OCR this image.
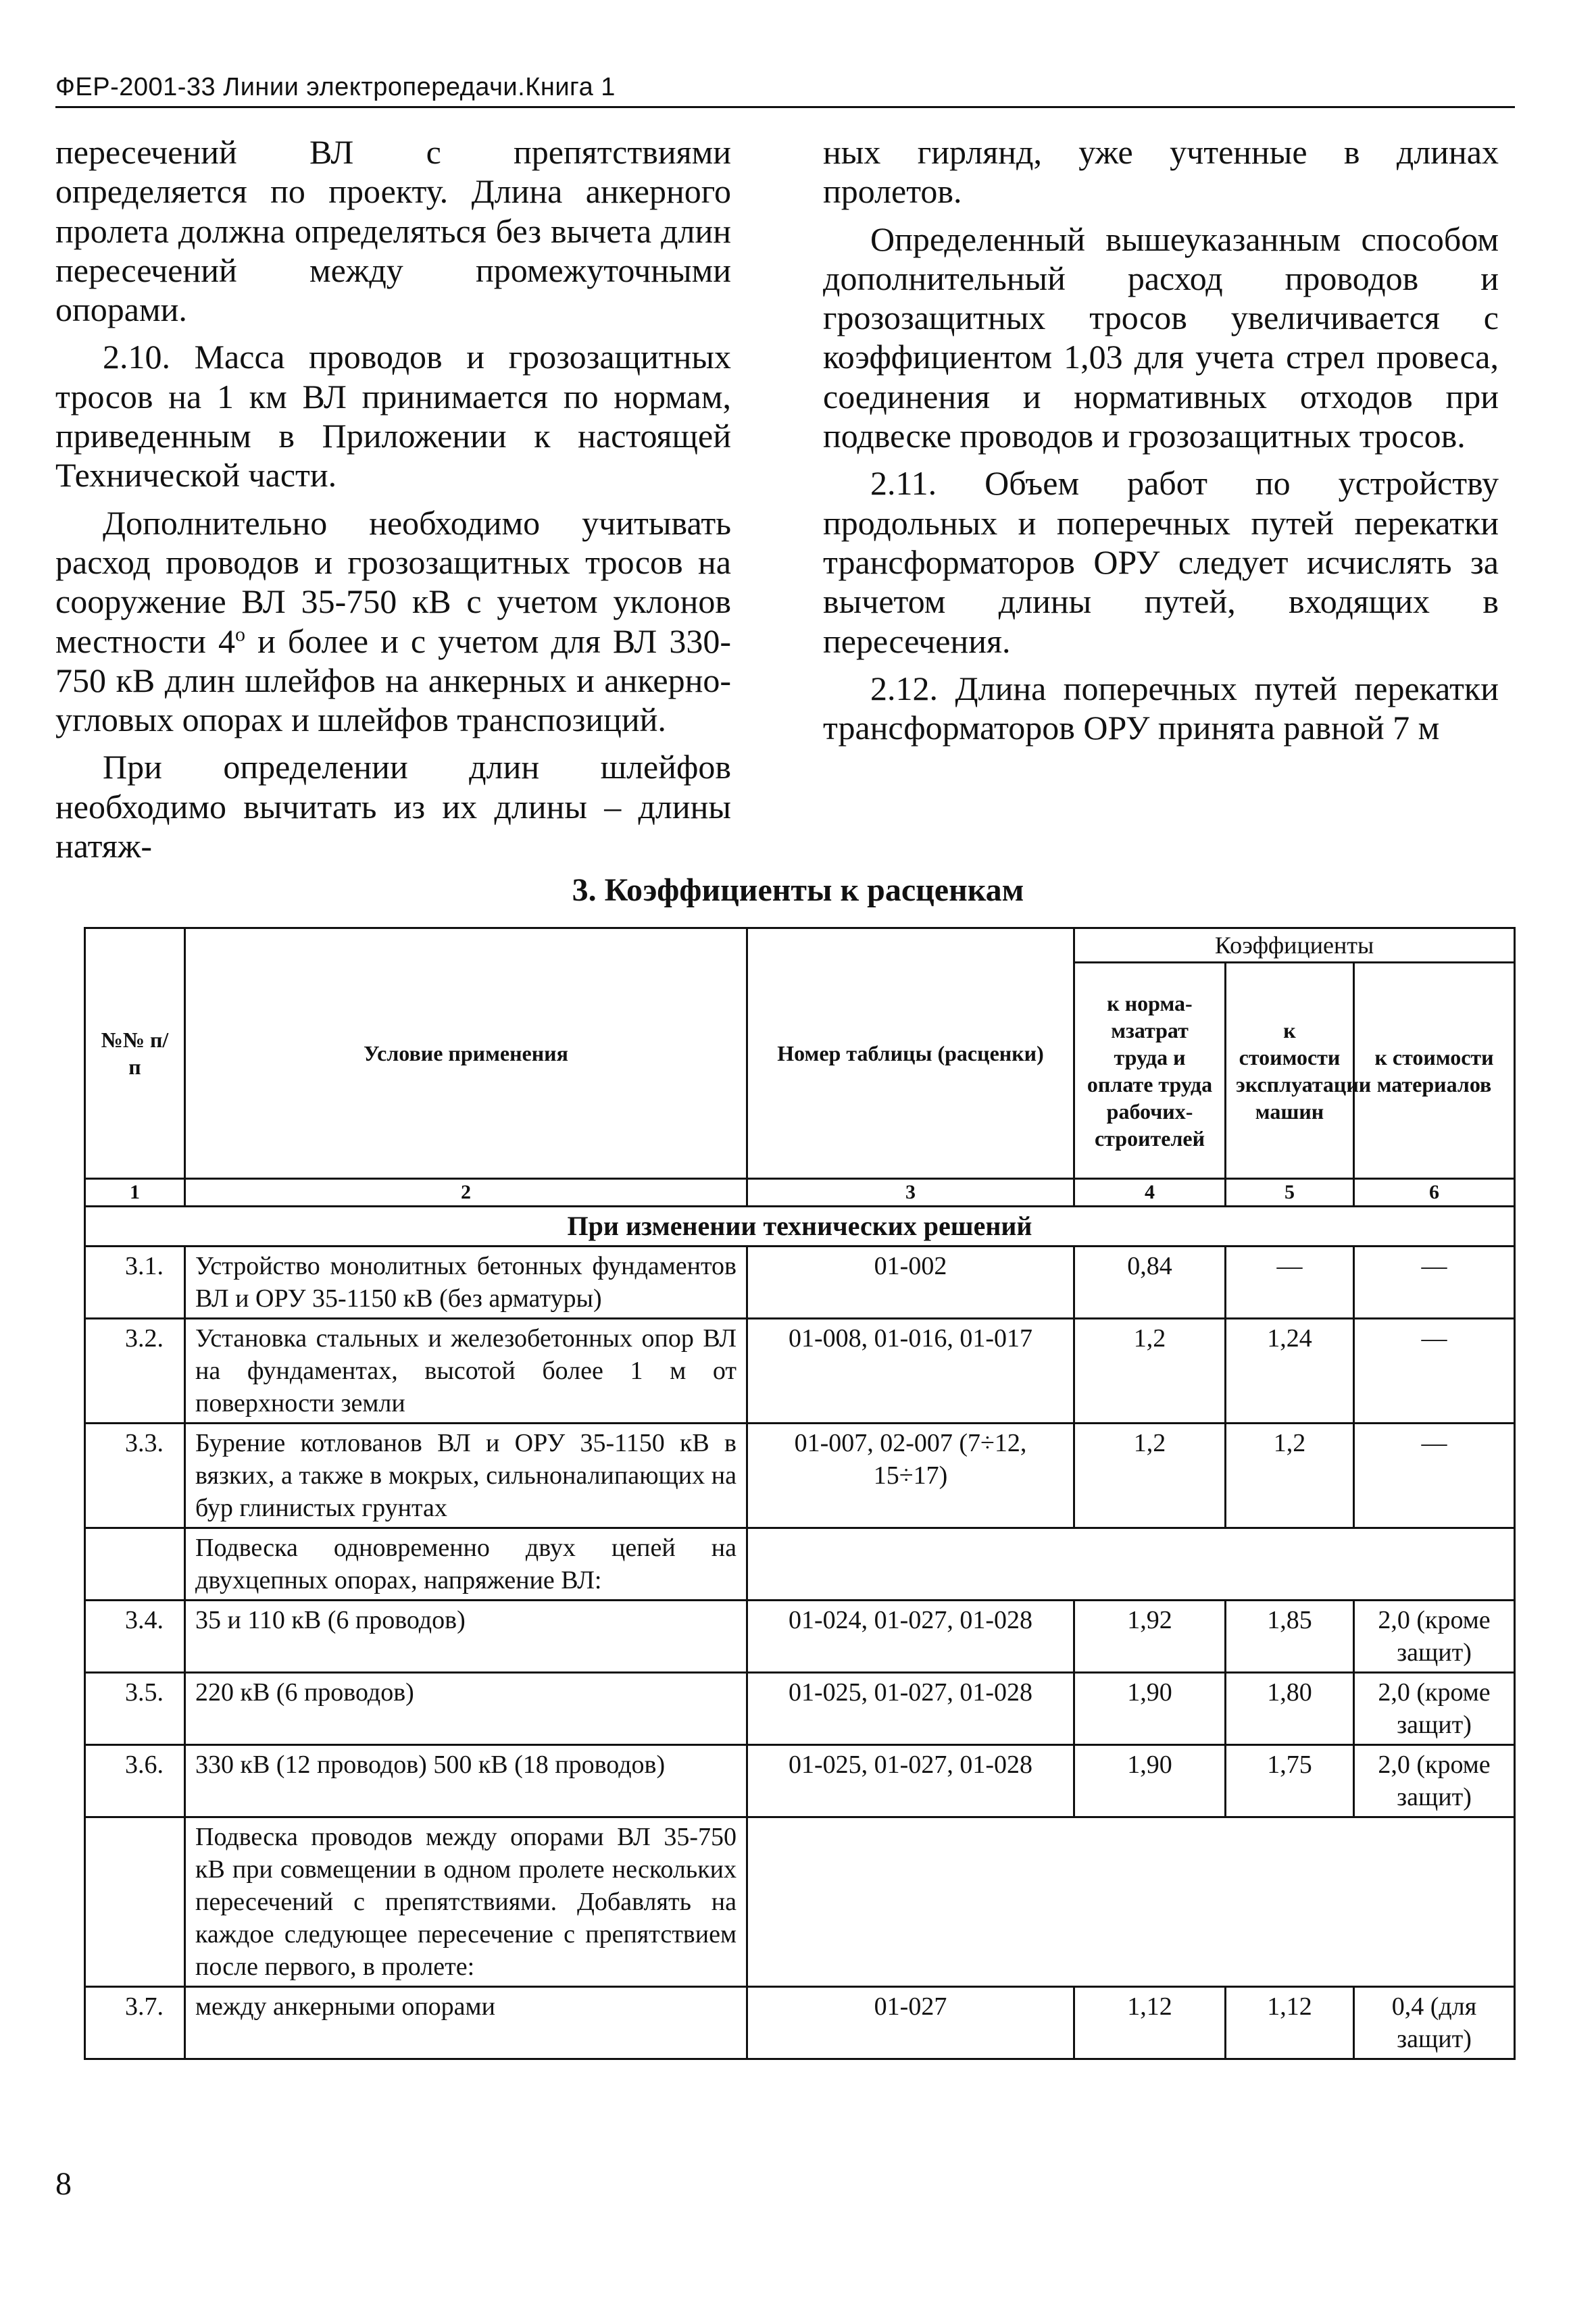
ФЕР-2001-33 Линии электропередачи.Книга 1

пересечений ВЛ с препятствиями определяется по проекту. Длина анкерного пролета должна определяться без вычета длин пересечений между промежуточными опорами.

2.10. Масса проводов и грозозащитных тросов на 1 км ВЛ принимается по нормам, приведенным в Приложении к настоящей Технической части.

Дополнительно необходимо учитывать расход проводов и грозозащитных тросов на сооружение ВЛ 35-750 кВ с учетом уклонов местности $4^о$ и более и с учетом для ВЛ 330-750 кВ длин шлейфов на анкерных и анкерно-угловых опорах и шлейфов транспозиций.

При определении длин шлейфов необходимо вычитать из их длины – длины натяж-

ных гирлянд, уже учтенные в длинах пролетов.

Определенный вышеуказанным способом дополнительный расход проводов и грозозащитных тросов увеличивается с коэффициентом 1,03 для учета стрел провеса, соединения и нормативных отходов при подвеске проводов и грозозащитных тросов.

2.11. Объем работ по устройству продольных и поперечных путей перекатки трансформаторов ОРУ следует исчислять за вычетом длины путей, входящих в пересечения.

2.12. Длина поперечных путей перекатки трансформаторов ОРУ принята равной 7 м

3. Коэффициенты к расценкам
№№ п/п	Условие применения	Номер таблицы (расценки)	Коэффициенты		
			к норма-мзатрат труда и оплате труда рабочих-строителей	к стоимости эксплуатации машин	к стоимости материалов
1	2	3	4	5	6
При изменении технических решений					
3.1.	Устройство монолитных бетонных фундаментов ВЛ и ОРУ 35-1150 кВ (без арматуры)	01-002	0,84	—	—
3.2.	Установка стальных и железобетонных опор ВЛ на фундаментах, высотой более 1 м от поверхности земли	01-008, 01-016, 01-017	1,2	1,24	—
3.3.	Бурение котлованов ВЛ и ОРУ 35-1150 кВ в вязких, а также в мокрых, сильноналипающих на бур глинистых грунтах	01-007, 02-007 (7÷12, 15÷17)	1,2	1,2	—
	Подвеска одновременно двух цепей на двухцепных опорах, напряжение ВЛ:				
3.4.	35 и 110 кВ (6 проводов)	01-024, 01-027, 01-028	1,92	1,85	2,0 (кроме защит)
3.5.	220 кВ (6 проводов)	01-025, 01-027, 01-028	1,90	1,80	2,0 (кроме защит)
3.6.	330 кВ (12 проводов) 500 кВ (18 проводов)	01-025, 01-027, 01-028	1,90	1,75	2,0 (кроме защит)
	Подвеска проводов между опорами ВЛ 35-750 кВ при совмещении в одном пролете нескольких пересечений с препятствиями. Добавлять на каждое следующее пересечение с препятствием после первого, в пролете:				
3.7.	между анкерными опорами	01-027	1,12	1,12	0,4 (для защит)
8
